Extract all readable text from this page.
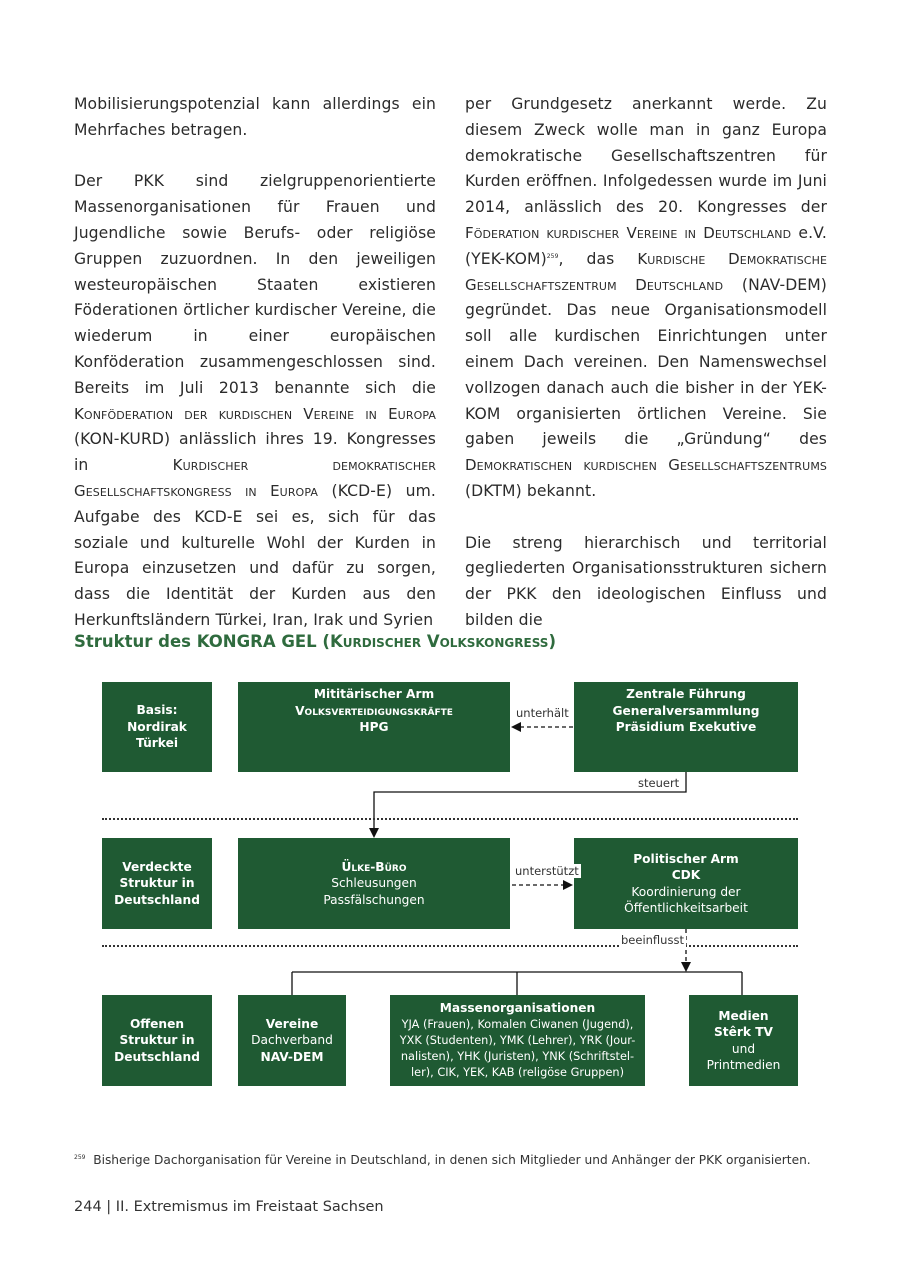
Mobilisierungspotenzial kann allerdings ein Mehrfaches betragen.

Der PKK sind zielgruppenorientierte Massenorganisationen für Frauen und Jugendliche sowie Berufs- oder religiöse Gruppen zuzuordnen. In den jeweiligen westeuropäischen Staaten existieren Föderationen örtlicher kurdischer Vereine, die wiederum in einer europäischen Konföderation zusammengeschlossen sind. Bereits im Juli 2013 benannte sich die Konföderation der kurdischen Vereine in Europa (KON-KURD) anlässlich ihres 19. Kongresses in	Kurdischer demokratischer Gesellschaftskongress in Europa (KCD-E) um. Aufgabe des KCD-E sei es, sich für das soziale und kulturelle Wohl der Kurden in Europa einzusetzen und dafür zu sorgen, dass die Identität der Kurden aus den Herkunftsländern Türkei, Iran, Irak und Syrien

per Grundgesetz anerkannt werde. Zu diesem Zweck wolle man in ganz Europa demokratische Gesellschaftszentren für Kurden eröffnen. Infolgedessen wurde im Juni 2014, anlässlich des 20. Kongresses der Föderation kurdischer Vereine in Deutschland e.V. $(YEK-KOM)^{259}$, das Kurdische Demokratische Gesellschaftszentrum Deutschland (NAV-DEM) gegründet. Das neue Organisationsmodell soll alle kurdischen Einrichtungen unter einem Dach vereinen. Den Namenswechsel vollzogen danach auch die bisher in der YEK-KOM organisierten örtlichen Vereine. Sie gaben jeweils die „Gründung“ des Demokratischen kurdischen Gesellschaftszentrums (DKTM) bekannt.

Die streng hierarchisch und territorial gegliederten Organisationsstrukturen sichern der PKK den ideologischen Einfluss und bilden die

Struktur des KONGRA GEL (Kurdischer Volkskongress)
Basis:
Nordirak
Türkei
Mititärischer Arm
Volksverteidigungskräfte
HPG
Zentrale Führung
Generalversammlung
Präsidium Exekutive
Verdeckte
Struktur in
Deutschland
Ülke-Büro
Schleusungen
Passfälschungen
Politischer Arm
CDK
Koordinierung der
Öffentlichkeitsarbeit
Offenen
Struktur in
Deutschland
Vereine
Dachverband
NAV-DEM
Massenorganisationen
YJA (Frauen), Komalen Ciwanen (Jugend),
YXK (Studenten), YMK (Lehrer), YRK (Jour-
nalisten), YHK (Juristen), YNK (Schriftstel-
ler), CIK, YEK, KAB (religöse Gruppen)
Medien
Stêrk TV
und
Printmedien
unterhält
steuert
unterstützt
beeinflusst
$^{259}$ Bisherige Dachorganisation für Vereine in Deutschland, in denen sich Mitglieder und Anhänger der PKK organisierten.
244 | II. Extremismus im Freistaat Sachsen
